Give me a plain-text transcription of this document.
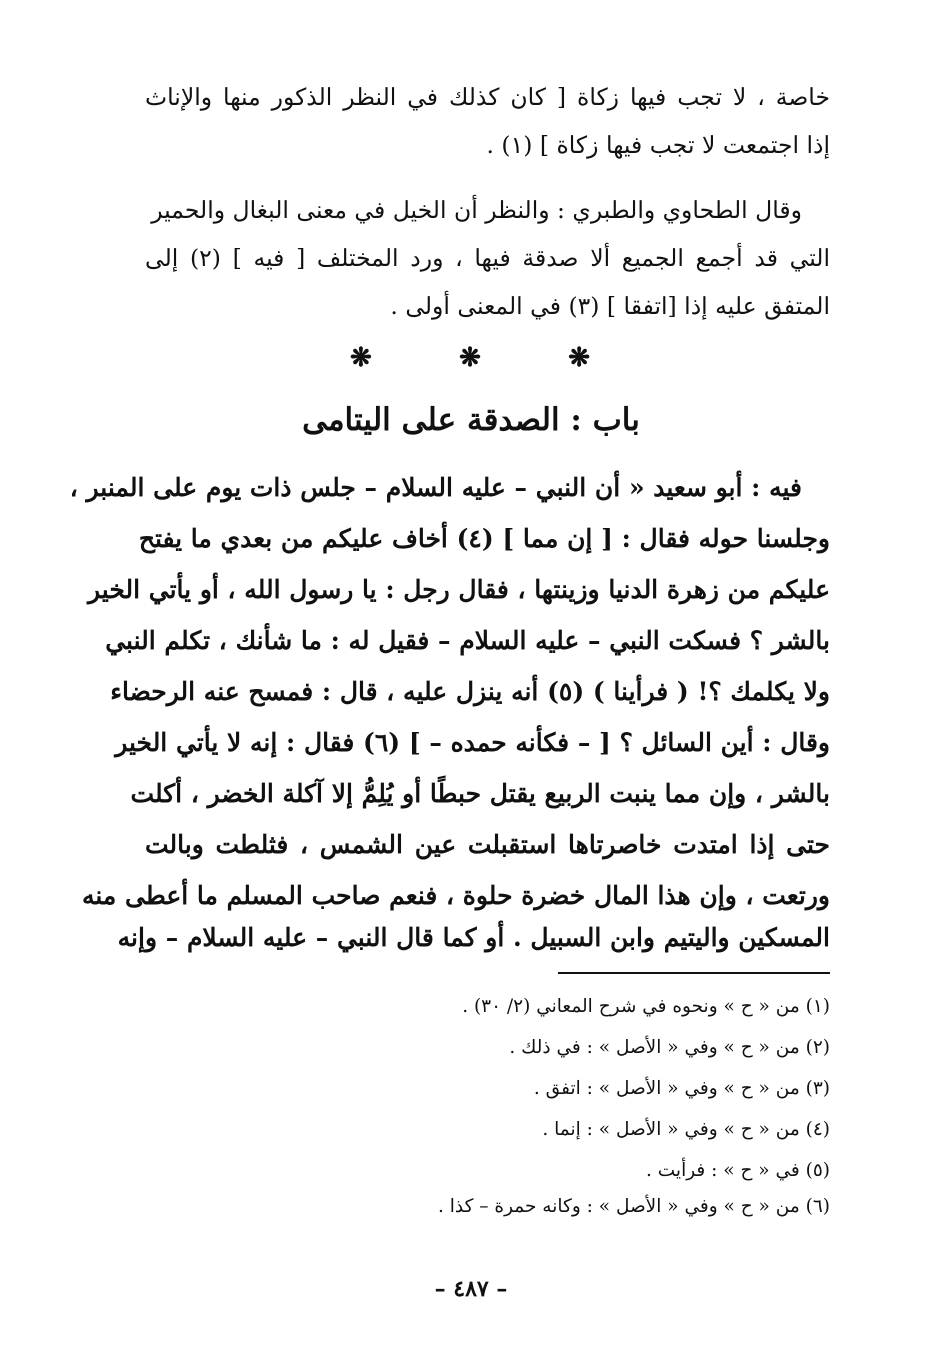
خاصة ، لا تجب فيها زكاة [ كان كذلك في النظر الذكور منها والإناث
إذا اجتمعت لا تجب فيها زكاة ] (١) .
وقال الطحاوي والطبري : والنظر أن الخيل في معنى البغال والحمير
التي قد أجمع الجميع ألا صدقة فيها ، ورد المختلف [ فيه ] (٢) إلى
المتفق عليه إذا [اتفقا ] (٣) في المعنى أولى .
❋	❋	❋
باب : الصدقة على اليتامى
فيه : أبو سعيد « أن النبي – عليه السلام – جلس ذات يوم على المنبر ،
وجلسنا حوله فقال : [ إن مما ] (٤) أخاف عليكم من بعدي ما يفتح
عليكم من زهرة الدنيا وزينتها ، فقال رجل : يا رسول الله ، أو يأتي الخير
بالشر ؟ فسكت النبي – عليه السلام – فقيل له : ما شأنك ، تكلم النبي
ولا يكلمك ؟! ( فرأينا ) (٥) أنه ينزل عليه ، قال : فمسح عنه الرحضاء
وقال : أين السائل ؟ [ – فكأنه حمده – ] (٦) فقال : إنه لا يأتي الخير
بالشر ، وإن مما ينبت الربيع يقتل حبطًا أو يُلِمُّ إلا آكلة الخضر ، أكلت
حتى إذا امتدت خاصرتاها استقبلت عين الشمس ، فثلطت وبالت
ورتعت ، وإن هذا المال خضرة حلوة ، فنعم صاحب المسلم ما أعطى منه
المسكين واليتيم وابن السبيل . أو كما قال النبي – عليه السلام – وإنه
(١) من « ح » ونحوه في شرح المعاني (٢/ ٣٠) .
(٢) من « ح » وفي « الأصل » : في ذلك .
(٣) من « ح » وفي « الأصل » : اتفق .
(٤) من « ح » وفي « الأصل » : إنما .
(٥) في « ح » : فرأيت .
(٦) من « ح » وفي « الأصل » : وكانه حمرة – كذا .
– ٤٨٧ –
